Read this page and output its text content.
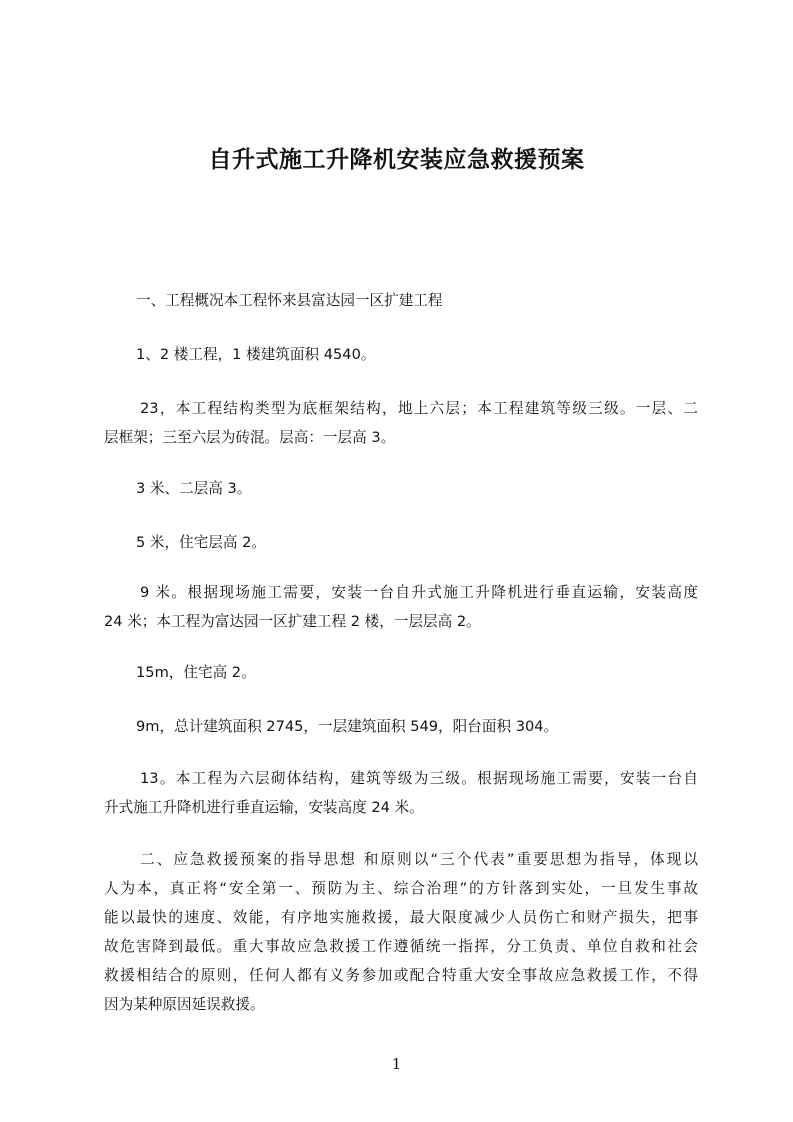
自升式施工升降机安装应急救援预案
一、工程概况本工程怀来县富达园一区扩建工程
1、2 楼工程，1 楼建筑面积 4540。
23，本工程结构类型为底框架结构，地上六层；本工程建筑等级三级。一层、二
层框架；三至六层为砖混。层高：一层高 3。
3 米、二层高 3。
5 米，住宅层高 2。
9 米。根据现场施工需要，安装一台自升式施工升降机进行垂直运输，安装高度
24 米；本工程为富达园一区扩建工程 2 楼，一层层高 2。
15m，住宅高 2。
9m，总计建筑面积 2745，一层建筑面积 549，阳台面积 304。
13。本工程为六层砌体结构，建筑等级为三级。根据现场施工需要，安装一台自
升式施工升降机进行垂直运输，安装高度 24 米。
二、应急救援预案的指导思想 和原则以“三个代表”重要思想为指导，体现以
人为本，真正将“安全第一、预防为主、综合治理”的方针落到实处，一旦发生事故
能以最快的速度、效能，有序地实施救援，最大限度减少人员伤亡和财产损失，把事
故危害降到最低。重大事故应急救援工作遵循统一指挥，分工负责、单位自救和社会
救援相结合的原则，任何人都有义务参加或配合特重大安全事故应急救援工作，不得
因为某种原因延误救援。
1
